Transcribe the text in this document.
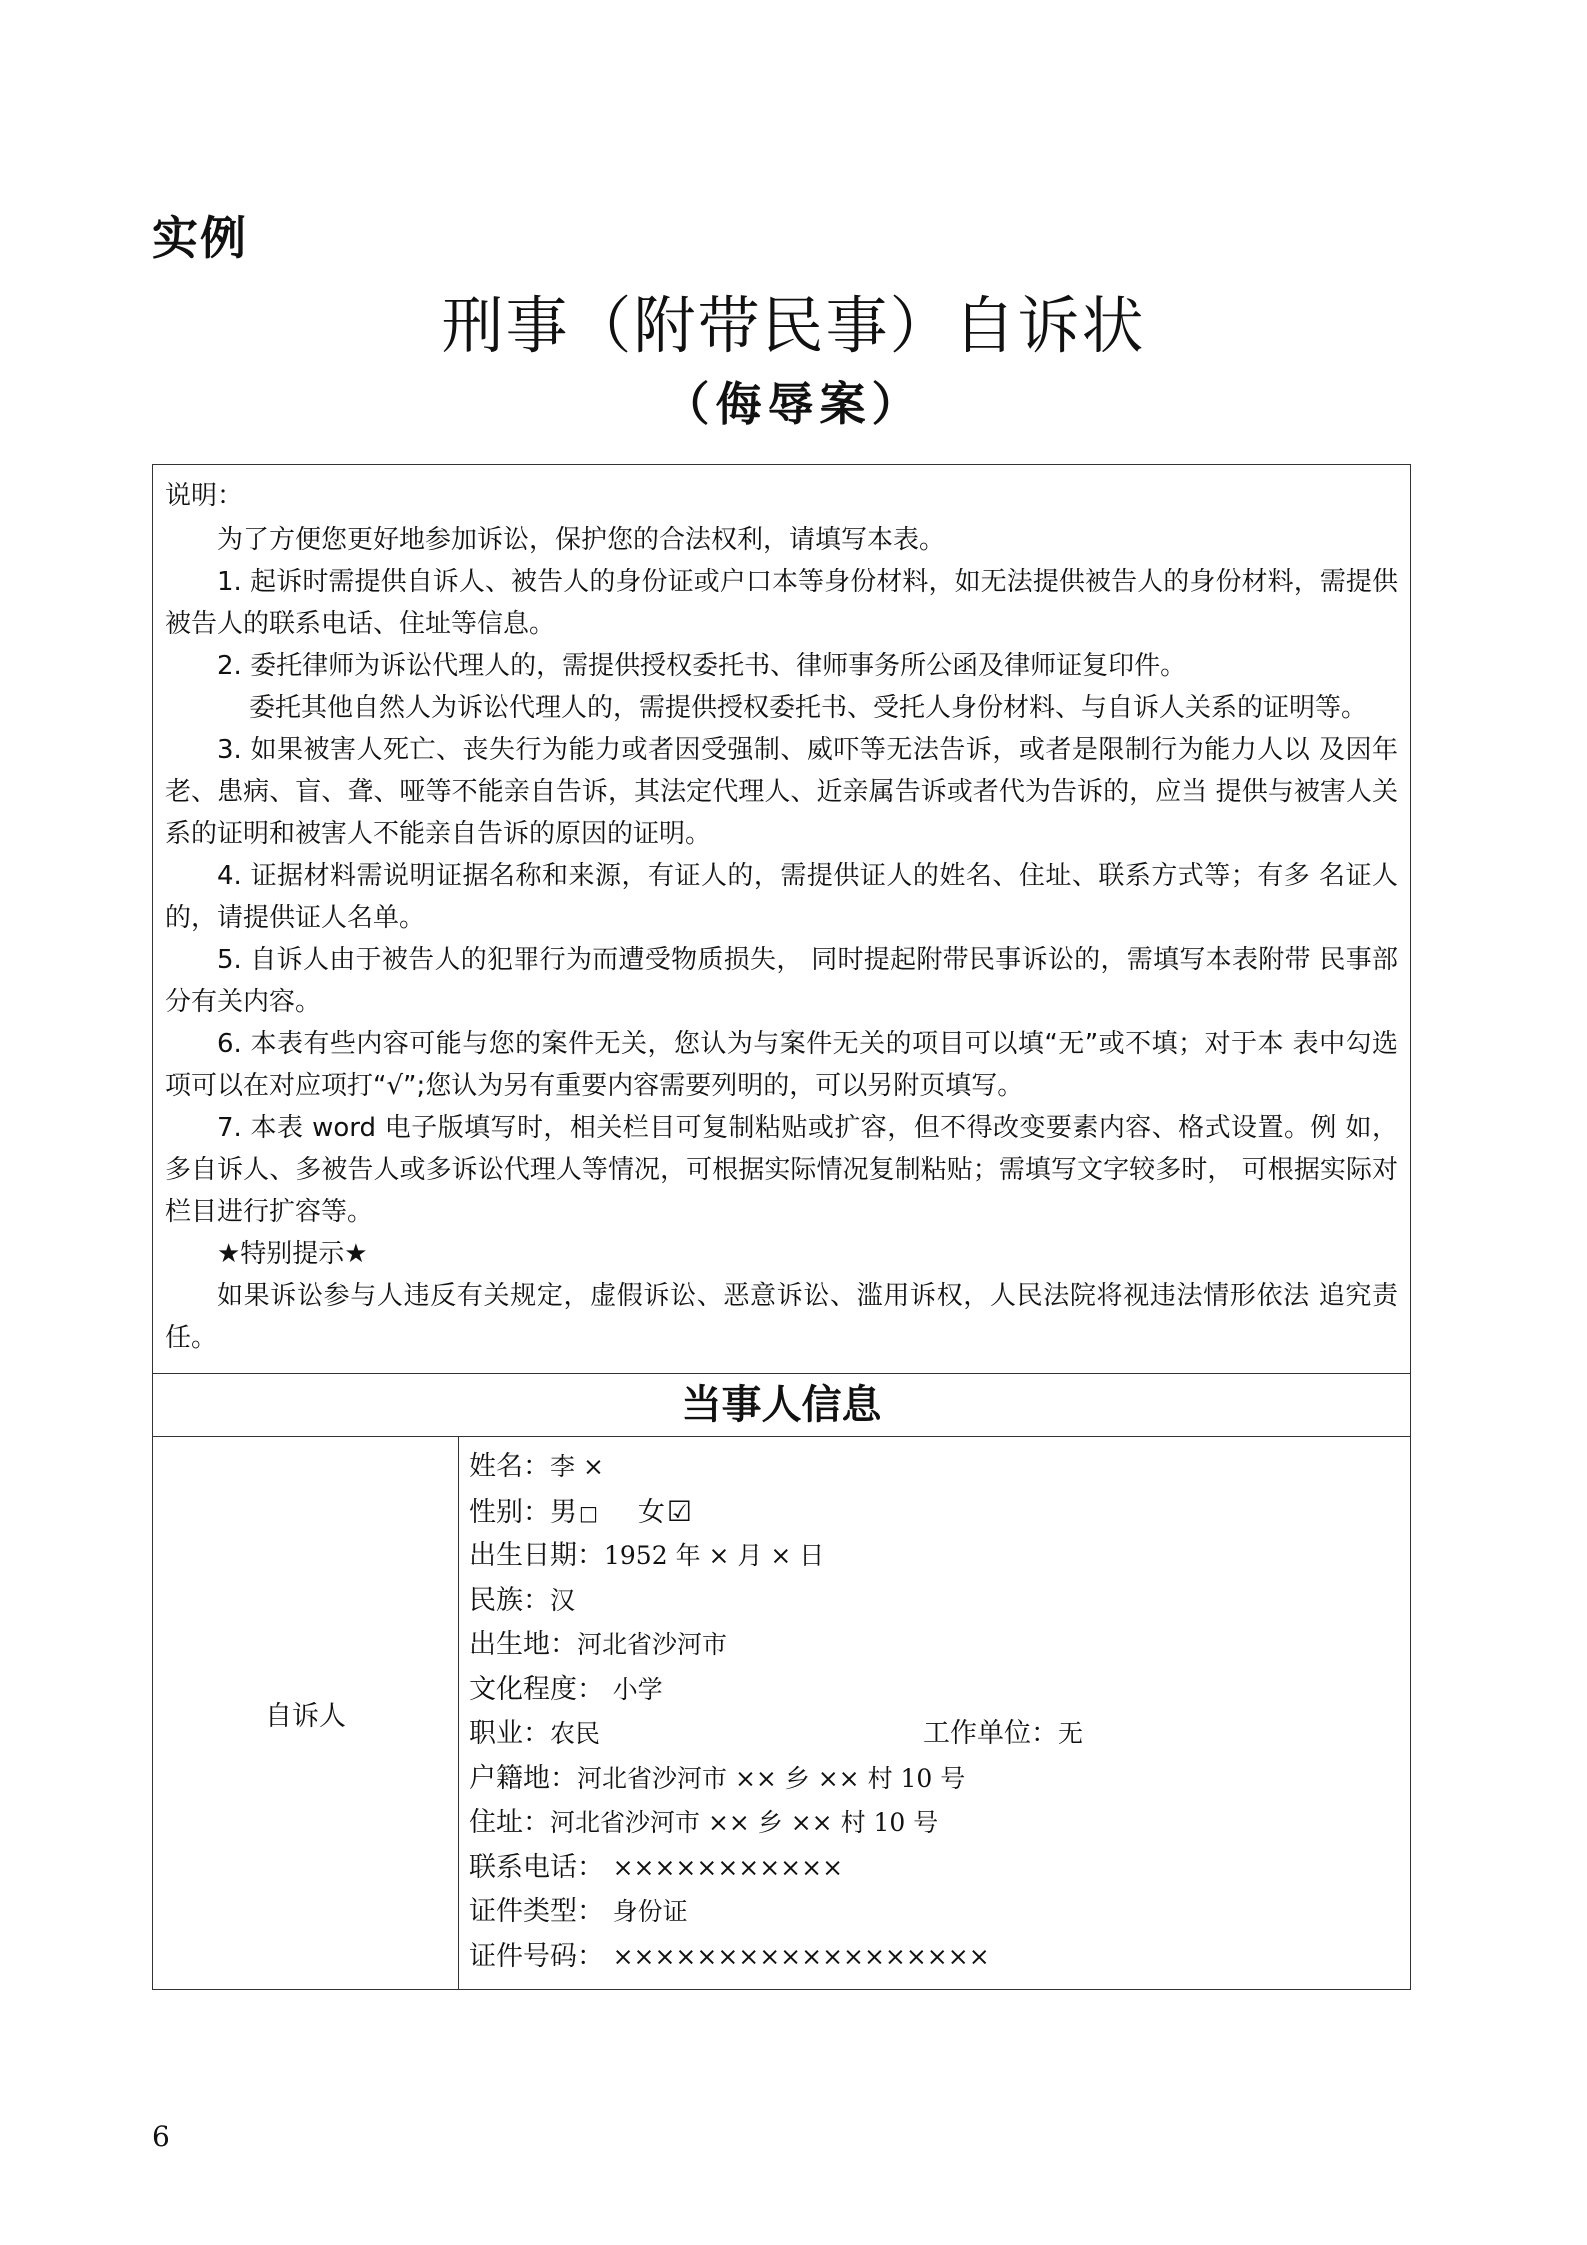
实例
刑事（附带民事）自诉状
（侮辱案）

说明：

为了方便您更好地参加诉讼，保护您的合法权利，请填写本表。

1. 起诉时需提供自诉人、被告人的身份证或户口本等身份材料，如无法提供被告人的身份材料，需提供被告人的联系电话、住址等信息。

2. 委托律师为诉讼代理人的，需提供授权委托书、律师事务所公函及律师证复印件。

委托其他自然人为诉讼代理人的，需提供授权委托书、受托人身份材料、与自诉人关系的证明等。

3. 如果被害人死亡、丧失行为能力或者因受强制、威吓等无法告诉，或者是限制行为能力人以 及因年老、患病、盲、聋、哑等不能亲自告诉，其法定代理人、近亲属告诉或者代为告诉的，应当 提供与被害人关系的证明和被害人不能亲自告诉的原因的证明。

4. 证据材料需说明证据名称和来源，有证人的，需提供证人的姓名、住址、联系方式等；有多 名证人的，请提供证人名单。

5. 自诉人由于被告人的犯罪行为而遭受物质损失， 同时提起附带民事诉讼的，需填写本表附带 民事部分有关内容。

6. 本表有些内容可能与您的案件无关，您认为与案件无关的项目可以填“无”或不填；对于本 表中勾选项可以在对应项打“√”;您认为另有重要内容需要列明的，可以另附页填写。

7. 本表 word 电子版填写时，相关栏目可复制粘贴或扩容，但不得改变要素内容、格式设置。例 如，多自诉人、多被告人或多诉讼代理人等情况，可根据实际情况复制粘贴；需填写文字较多时， 可根据实际对栏目进行扩容等。

★特别提示★

如果诉讼参与人违反有关规定，虚假诉讼、恶意诉讼、滥用诉权，人民法院将视违法情形依法 追究责任。

当事人信息
自诉人	
姓名：李 ×
性别：男 □ 女☑
出生日期：1952 年 × 月 × 日
民族：汉
出生地：河北省沙河市
文化程度： 小学
职业：农民	工作单位：无
户籍地：河北省沙河市 ×× 乡 ×× 村 10 号
住址：河北省沙河市 ×× 乡 ×× 村 10 号
联系电话： ×××××××××××
证件类型： 身份证
证件号码： ××××××××××××××××××
6
